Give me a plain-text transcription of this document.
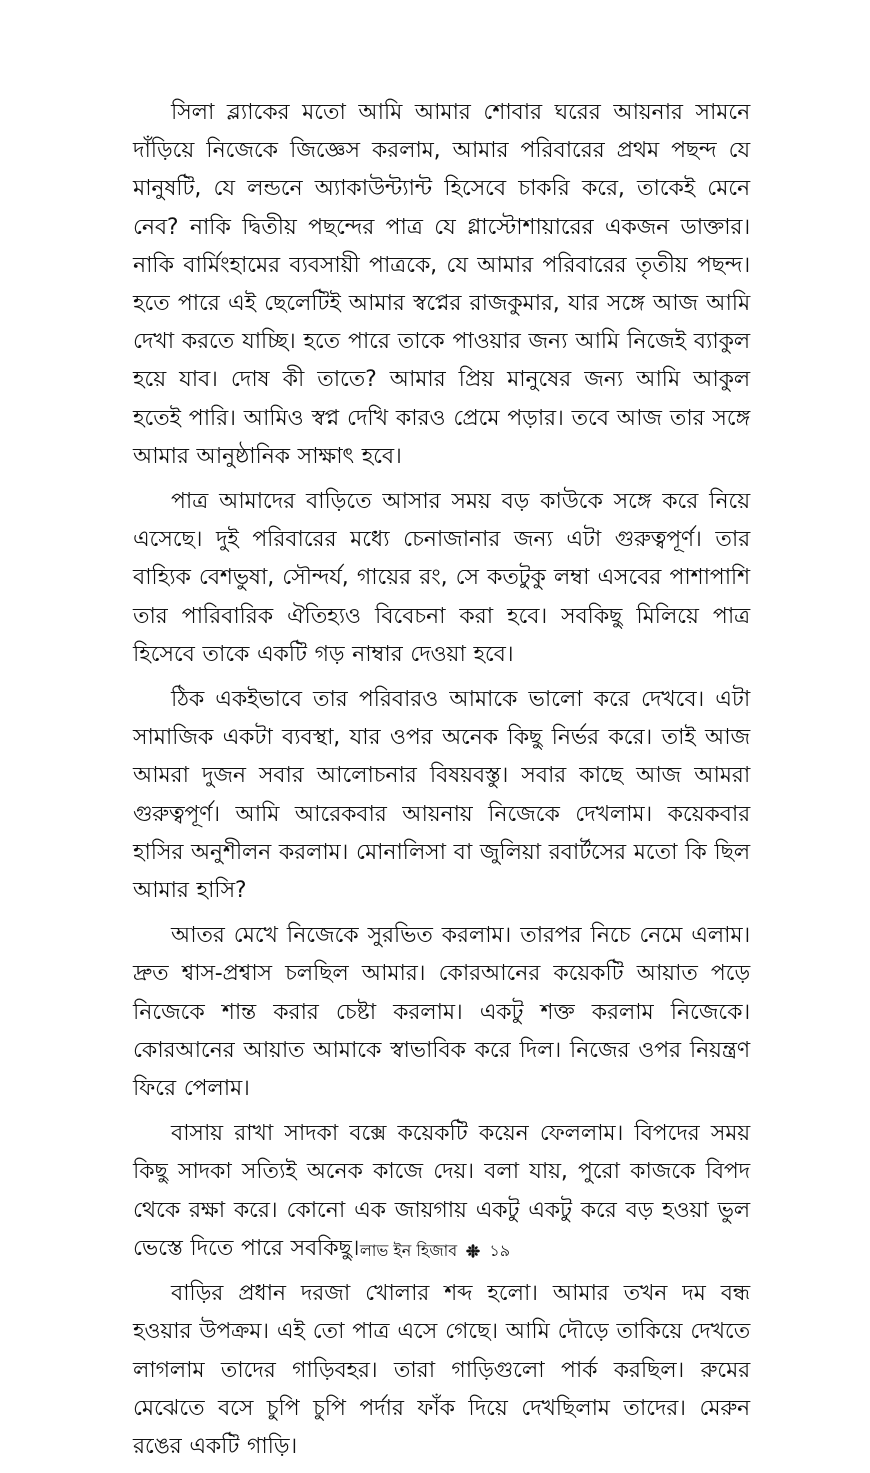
সিলা ব্ল্যাকের মতো আমি আমার শোবার ঘরের আয়নার সামনে দাঁড়িয়ে নিজেকে জিজ্ঞেস করলাম, আমার পরিবারের প্রথম পছন্দ যে মানুষটি, যে লন্ডনে অ্যাকাউন্ট্যান্ট হিসেবে চাকরি করে, তাকেই মেনে নেব? নাকি দ্বিতীয় পছন্দের পাত্র যে গ্লাস্টোশায়ারের একজন ডাক্তার। নাকি বার্মিংহামের ব্যবসায়ী পাত্রকে, যে আমার পরিবারের তৃতীয় পছন্দ। হতে পারে এই ছেলেটিই আমার স্বপ্নের রাজকুমার, যার সঙ্গে আজ আমি দেখা করতে যাচ্ছি। হতে পারে তাকে পাওয়ার জন্য আমি নিজেই ব্যাকুল হয়ে যাব। দোষ কী তাতে? আমার প্রিয় মানুষের জন্য আমি আকুল হতেই পারি। আমিও স্বপ্ন দেখি কারও প্রেমে পড়ার। তবে আজ তার সঙ্গে আমার আনুষ্ঠানিক সাক্ষাৎ হবে।

পাত্র আমাদের বাড়িতে আসার সময় বড় কাউকে সঙ্গে করে নিয়ে এসেছে। দুই পরিবারের মধ্যে চেনাজানার জন্য এটা গুরুত্বপূর্ণ। তার বাহ্যিক বেশভুষা, সৌন্দর্য, গায়ের রং, সে কতটুকু লম্বা এসবের পাশাপাশি তার পারিবারিক ঐতিহ্যও বিবেচনা করা হবে। সবকিছু মিলিয়ে পাত্র হিসেবে তাকে একটি গড় নাম্বার দেওয়া হবে।

ঠিক একইভাবে তার পরিবারও আমাকে ভালো করে দেখবে। এটা সামাজিক একটা ব্যবস্থা, যার ওপর অনেক কিছু নির্ভর করে। তাই আজ আমরা দুজন সবার আলোচনার বিষয়বস্তু। সবার কাছে আজ আমরা গুরুত্বপূর্ণ। আমি আরেকবার আয়নায় নিজেকে দেখলাম। কয়েকবার হাসির অনুশীলন করলাম। মোনালিসা বা জুলিয়া রবার্টসের মতো কি ছিল আমার হাসি?

আতর মেখে নিজেকে সুরভিত করলাম। তারপর নিচে নেমে এলাম। দ্রুত শ্বাস-প্রশ্বাস চলছিল আমার। কোরআনের কয়েকটি আয়াত পড়ে নিজেকে শান্ত করার চেষ্টা করলাম। একটু শক্ত করলাম নিজেকে। কোরআনের আয়াত আমাকে স্বাভাবিক করে দিল। নিজের ওপর নিয়ন্ত্রণ ফিরে পেলাম।

বাসায় রাখা সাদকা বক্সে কয়েকটি কয়েন ফেললাম। বিপদের সময় কিছু সাদকা সত্যিই অনেক কাজে দেয়। বলা যায়, পুরো কাজকে বিপদ থেকে রক্ষা করে। কোনো এক জায়গায় একটু একটু করে বড় হওয়া ভুল ভেস্তে দিতে পারে সবকিছু।

বাড়ির প্রধান দরজা খোলার শব্দ হলো। আমার তখন দম বন্ধ হওয়ার উপক্রম। এই তো পাত্র এসে গেছে। আমি দৌড়ে তাকিয়ে দেখতে লাগলাম তাদের গাড়িবহর। তারা গাড়িগুলো পার্ক করছিল। রুমের মেঝেতে বসে চুপি চুপি পর্দার ফাঁক দিয়ে দেখছিলাম তাদের। মেরুন রঙের একটি গাড়ি।

লাভ ইন হিজাব ১৯
